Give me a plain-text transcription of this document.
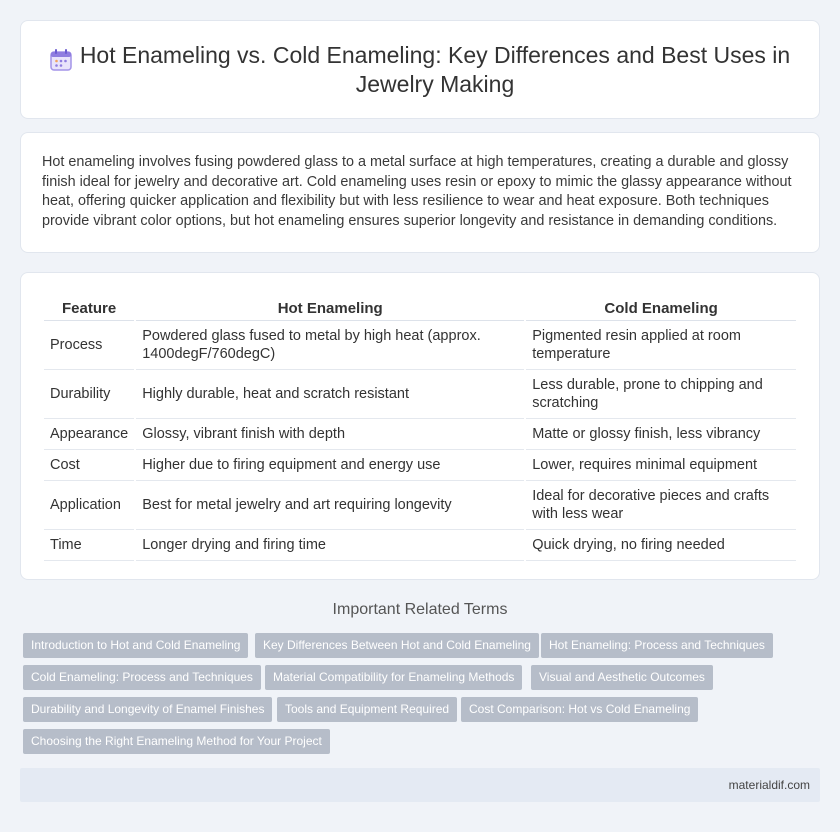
Hot Enameling vs. Cold Enameling: Key Differences and Best Uses in Jewelry Making

Hot enameling involves fusing powdered glass to a metal surface at high temperatures, creating a durable and glossy finish ideal for jewelry and decorative art. Cold enameling uses resin or epoxy to mimic the glassy appearance without heat, offering quicker application and flexibility but with less resilience to wear and heat exposure. Both techniques provide vibrant color options, but hot enameling ensures superior longevity and resistance in demanding conditions.

Feature	Hot Enameling	Cold Enameling
Process	Powdered glass fused to metal by high heat (approx. 1400degF/760degC)	Pigmented resin applied at room temperature
Durability	Highly durable, heat and scratch resistant	Less durable, prone to chipping and scratching
Appearance	Glossy, vibrant finish with depth	Matte or glossy finish, less vibrancy
Cost	Higher due to firing equipment and energy use	Lower, requires minimal equipment
Application	Best for metal jewelry and art requiring longevity	Ideal for decorative pieces and crafts with less wear
Time	Longer drying and firing time	Quick drying, no firing needed
Important Related Terms
Introduction to Hot and Cold Enameling	Key Differences Between Hot and Cold Enameling	Hot Enameling: Process and Techniques
Cold Enameling: Process and Techniques	Material Compatibility for Enameling Methods	Visual and Aesthetic Outcomes
Durability and Longevity of Enamel Finishes	Tools and Equipment Required	Cost Comparison: Hot vs Cold Enameling
Choosing the Right Enameling Method for Your Project
materialdif.com
